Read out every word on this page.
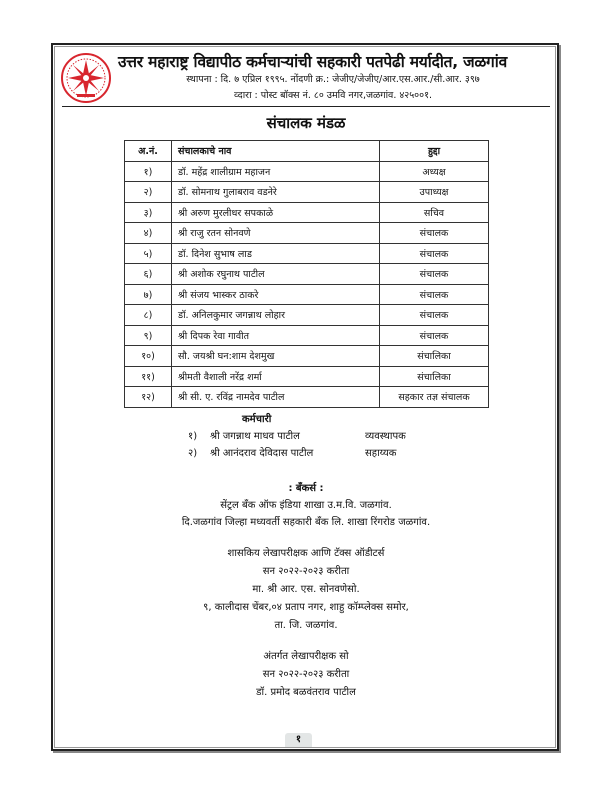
उत्तर महाराष्ट्र विद्यापीठ कर्मचाऱ्यांची सहकारी पतपेढी मर्यादीत, जळगांव
स्थापना : दि. ७ एप्रिल १९९५. नोंदणी क्र.: जेजीए/जेजीए/आर.एस.आर./सी.आर. ३९७
व्दारा : पोस्ट बॉक्स नं. ८० उमवि नगर,जळगांव. ४२५००१.
संचालक मंडळ
अ.नं.	संचालकाचे नाव	हुद्दा
१)	डॉ. महेंद्र शालीग्राम महाजन	अध्यक्ष
२)	डॉ. सोमनाथ गुलाबराव वडनेरे	उपाध्यक्ष
३)	श्री अरुण मुरलीधर सपकाळे	सचिव
४)	श्री राजु रतन सोनवणे	संचालक
५)	डॉ. दिनेश सुभाष लाड	संचालक
६)	श्री अशोक रघुनाथ पाटील	संचालक
७)	श्री संजय भास्कर ठाकरे	संचालक
८)	डॉ. अनिलकुमार जगन्नाथ लोहार	संचालक
९)	श्री दिपक रेवा गावीत	संचालक
१०)	सौ. जयश्री घन:शाम देशमुख	संचालिका
११)	श्रीमती वैशाली नरेंद्र शर्मा	संचालिका
१२)	श्री सी. ए. रविंद्र नामदेव पाटील	सहकार तज्ञ संचालक
कर्मचारी
१) श्री जगन्नाथ माधव पाटील	व्यवस्थापक
२) श्री आनंदराव देविदास पाटील	सहाय्यक
: बँकर्स :
सेंट्रल बँक ऑफ इंडिया शाखा उ.म.वि. जळगांव.
दि.जळगांव जिल्हा मध्यवर्ती सहकारी बँक लि. शाखा रिंगरोड जळगांव.
शासकिय लेखापरीक्षक आणि टॅक्स ऑडीटर्स
सन २०२२-२०२३ करीता
मा. श्री आर. एस. सोनवणेसो.
९, कालीदास चेंबर,०४ प्रताप नगर, शाहु कॉम्प्लेक्स समोर,
ता. जि. जळगांव.
अंतर्गत लेखापरीक्षक सो
सन २०२२-२०२३ करीता
डॉ. प्रमोद बळवंतराव पाटील
१
